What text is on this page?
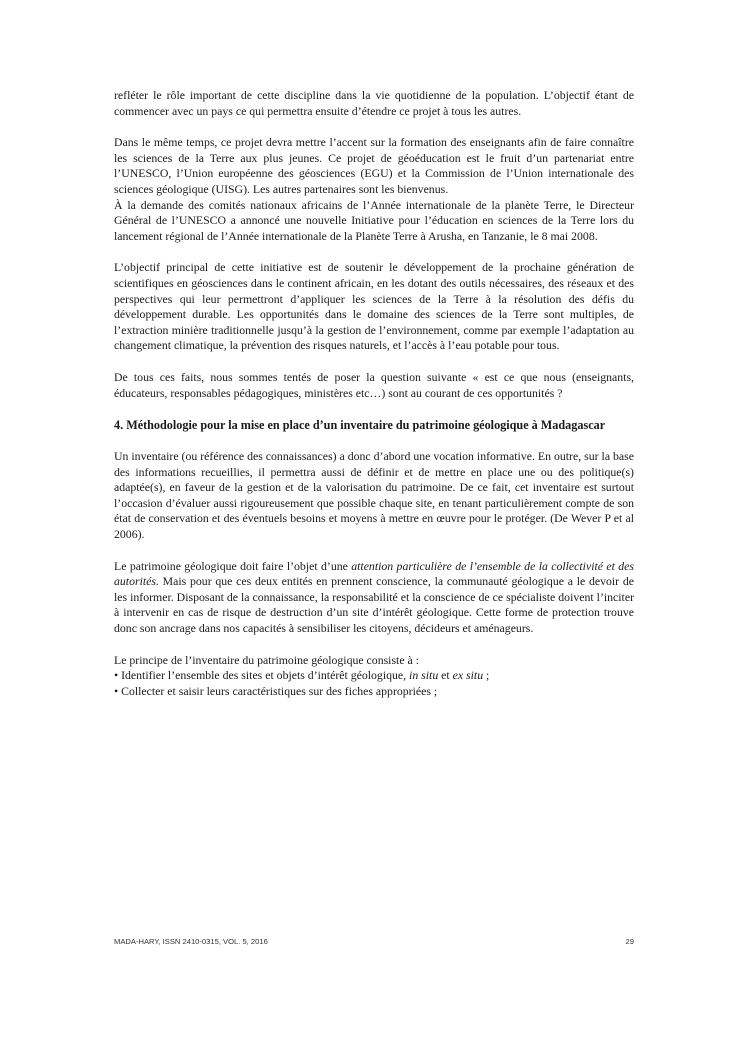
refléter le rôle important de cette discipline dans la vie quotidienne de la population. L’objectif étant de commencer avec un pays ce qui permettra ensuite d’étendre ce projet à tous les autres.

Dans le même temps, ce projet devra mettre l’accent sur la formation des enseignants afin de faire connaître les sciences de la Terre aux plus jeunes. Ce projet de géoéducation est le fruit d’un partenariat entre l’UNESCO, l’Union européenne des géosciences (EGU) et la Commission de l’Union internationale des sciences géologique (UISG). Les autres partenaires sont les bienvenus.

À la demande des comités nationaux africains de l’Année internationale de la planète Terre, le Directeur Général de l’UNESCO a annoncé une nouvelle Initiative pour l’éducation en sciences de la Terre lors du lancement régional de l’Année internationale de la Planète Terre à Arusha, en Tanzanie, le 8 mai 2008.

L’objectif principal de cette initiative est de soutenir le développement de la prochaine génération de scientifiques en géosciences dans le continent africain, en les dotant des outils nécessaires, des réseaux et des perspectives qui leur permettront d’appliquer les sciences de la Terre à la résolution des défis du développement durable. Les opportunités dans le domaine des sciences de la Terre sont multiples, de l’extraction minière traditionnelle jusqu’à la gestion de l’environnement, comme par exemple l’adaptation au changement climatique, la prévention des risques naturels, et l’accès à l’eau potable pour tous.

De tous ces faits, nous sommes tentés de poser la question suivante « est ce que nous (enseignants, éducateurs, responsables pédagogiques, ministères etc…) sont au courant de ces opportunités ?

4. Méthodologie pour la mise en place d’un inventaire du patrimoine géologique à Madagascar

Un inventaire (ou référence des connaissances) a donc d’abord une vocation informative. En outre, sur la base des informations recueillies, il permettra aussi de définir et de mettre en place une ou des politique(s) adaptée(s), en faveur de la gestion et de la valorisation du patrimoine. De ce fait, cet inventaire est surtout l’occasion d’évaluer aussi rigoureusement que possible chaque site, en tenant particulièrement compte de son état de conservation et des éventuels besoins et moyens à mettre en œuvre pour le protéger. (De Wever P et al 2006).

Le patrimoine géologique doit faire l’objet d’une attention particulière de l’ensemble de la collectivité et des autorités. Mais pour que ces deux entités en prennent conscience, la communauté géologique a le devoir de les informer. Disposant de la connaissance, la responsabilité et la conscience de ce spécialiste doivent l’inciter à intervenir en cas de risque de destruction d’un site d’intérêt géologique. Cette forme de protection trouve donc son ancrage dans nos capacités à sensibiliser les citoyens, décideurs et aménageurs.

Le principe de l’inventaire du patrimoine géologique consiste à :

• Identifier l’ensemble des sites et objets d’intérêt géologique, in situ et ex situ ;

• Collecter et saisir leurs caractéristiques sur des fiches appropriées ;

MADA-HARY, ISSN 2410-0315, VOL. 5, 2016	29
